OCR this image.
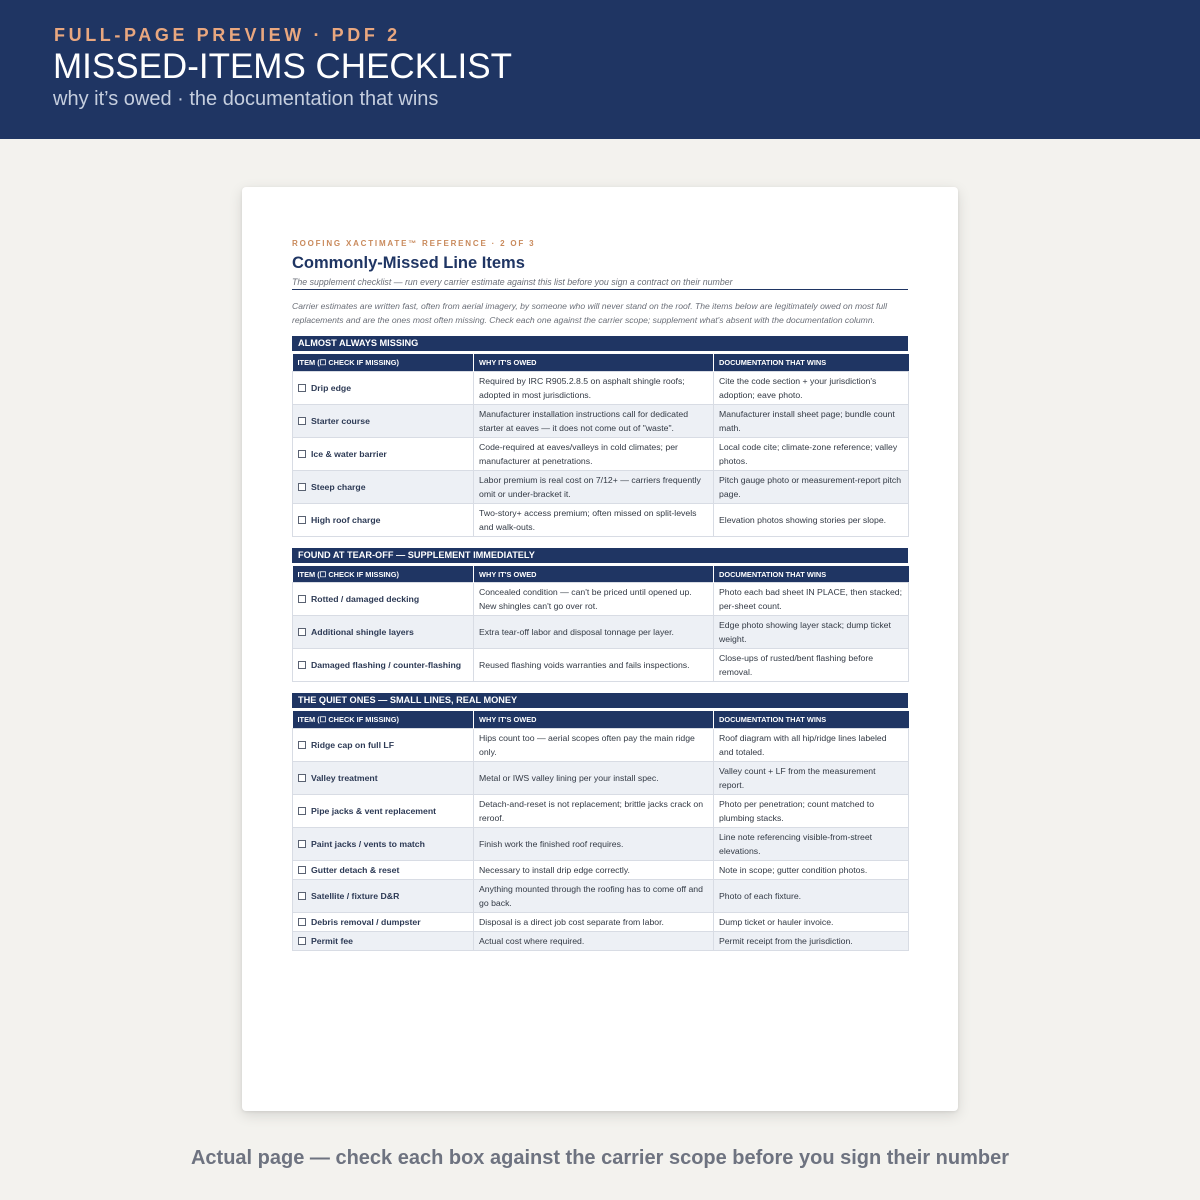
FULL-PAGE PREVIEW · PDF 2
MISSED-ITEMS CHECKLIST
why it’s owed · the documentation that wins
ROOFING XACTIMATE™ REFERENCE · 2 OF 3
Commonly-Missed Line Items
The supplement checklist — run every carrier estimate against this list before you sign a contract on their number
Carrier estimates are written fast, often from aerial imagery, by someone who will never stand on the roof. The items below are legitimately owed on most full replacements and are the ones most often missing. Check each one against the carrier scope; supplement what's absent with the documentation column.
ALMOST ALWAYS MISSING
ITEM (☐ CHECK IF MISSING)	WHY IT'S OWED	DOCUMENTATION THAT WINS
Drip edge	Required by IRC R905.2.8.5 on asphalt shingle roofs; adopted in most jurisdictions.	Cite the code section + your jurisdiction's adoption; eave photo.
Starter course	Manufacturer installation instructions call for dedicated starter at eaves — it does not come out of "waste".	Manufacturer install sheet page; bundle count math.
Ice & water barrier	Code-required at eaves/valleys in cold climates; per manufacturer at penetrations.	Local code cite; climate-zone reference; valley photos.
Steep charge	Labor premium is real cost on 7/12+ — carriers frequently omit or under-bracket it.	Pitch gauge photo or measurement-report pitch page.
High roof charge	Two-story+ access premium; often missed on split-levels and walk-outs.	Elevation photos showing stories per slope.
FOUND AT TEAR-OFF — SUPPLEMENT IMMEDIATELY
ITEM (☐ CHECK IF MISSING)	WHY IT'S OWED	DOCUMENTATION THAT WINS
Rotted / damaged decking	Concealed condition — can't be priced until opened up. New shingles can't go over rot.	Photo each bad sheet IN PLACE, then stacked; per-sheet count.
Additional shingle layers	Extra tear-off labor and disposal tonnage per layer.	Edge photo showing layer stack; dump ticket weight.
Damaged flashing / counter-flashing	Reused flashing voids warranties and fails inspections.	Close-ups of rusted/bent flashing before removal.
THE QUIET ONES — SMALL LINES, REAL MONEY
ITEM (☐ CHECK IF MISSING)	WHY IT'S OWED	DOCUMENTATION THAT WINS
Ridge cap on full LF	Hips count too — aerial scopes often pay the main ridge only.	Roof diagram with all hip/ridge lines labeled and totaled.
Valley treatment	Metal or IWS valley lining per your install spec.	Valley count + LF from the measurement report.
Pipe jacks & vent replacement	Detach-and-reset is not replacement; brittle jacks crack on reroof.	Photo per penetration; count matched to plumbing stacks.
Paint jacks / vents to match	Finish work the finished roof requires.	Line note referencing visible-from-street elevations.
Gutter detach & reset	Necessary to install drip edge correctly.	Note in scope; gutter condition photos.
Satellite / fixture D&R	Anything mounted through the roofing has to come off and go back.	Photo of each fixture.
Debris removal / dumpster	Disposal is a direct job cost separate from labor.	Dump ticket or hauler invoice.
Permit fee	Actual cost where required.	Permit receipt from the jurisdiction.
Actual page — check each box against the carrier scope before you sign their number
